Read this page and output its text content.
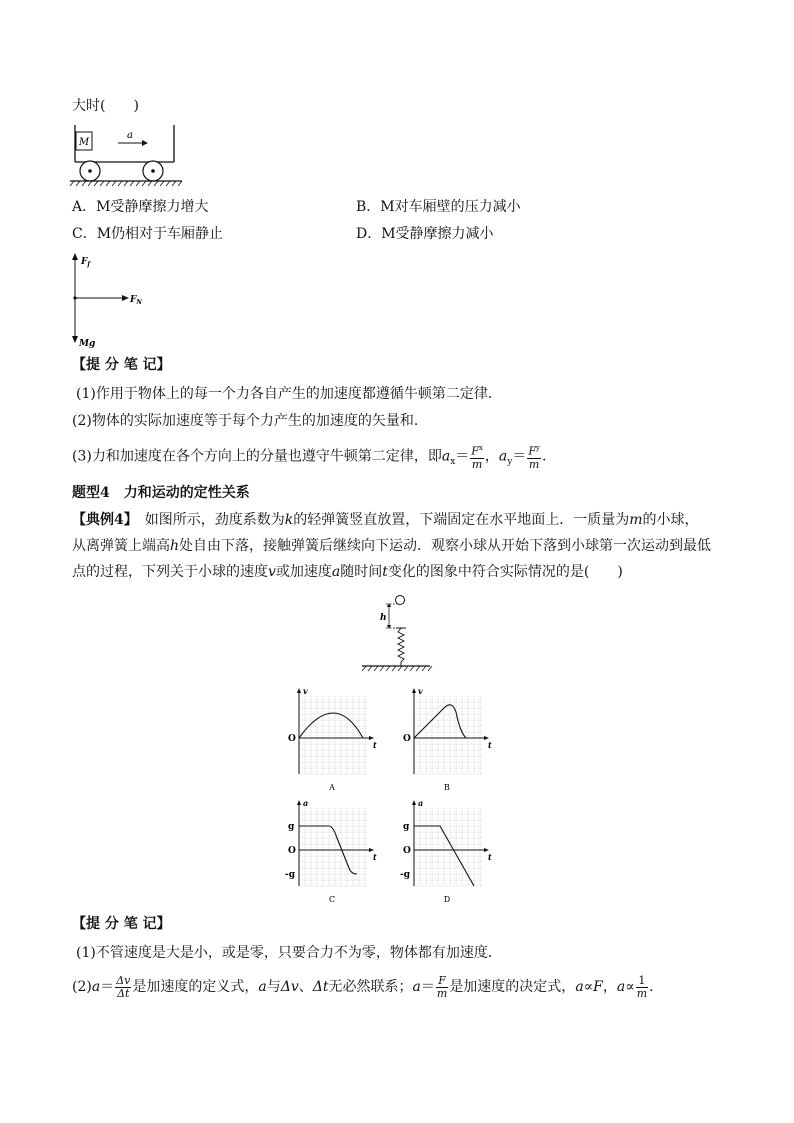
大时(　　)
M
a
A．M受静摩擦力增大	B．M对车厢壁的压力减小
C．M仍相对于车厢静止	D．M受静摩擦力减小
$F_f$
$F_N$
Mg
【提 分 笔 记】
(1)作用于物体上的每一个力各自产生的加速度都遵循牛顿第二定律．
(2)物体的实际加速度等于每个力产生的加速度的矢量和．
(3)力和加速度在各个方向上的分量也遵守牛顿第二定律，即$a_x= \frac{F^x}{m}$ ，$a_y= \frac{F^y}{m}$ .
题型4　力和运动的定性关系
【典例4】　如图所示，劲度系数为k的轻弹簧竖直放置，下端固定在水平地面上．一质量为m的小球，
从离弹簧上端高h处自由下落，接触弹簧后继续向下运动．观察小球从开始下落到小球第一次运动到最低
点的过程，下列关于小球的速度v或加速度a随时间t变化的图象中符合实际情况的是(　　)
h
v
t
O
A
v
t
O
B
a
t
O
g
-g
C
a
t
O
g
-g
D
【提 分 笔 记】
(1)不管速度是大是小，或是零，只要合力不为零，物体都有加速度．
$(2)a= \frac{\Delta v}{\Delta t}$ 是加速度的定义式，a与Δv、Δt无必然联系；$a= \frac{F}{m}$ 是加速度的决定式，a∝F，$a\propto \frac{1}{m}$ .
